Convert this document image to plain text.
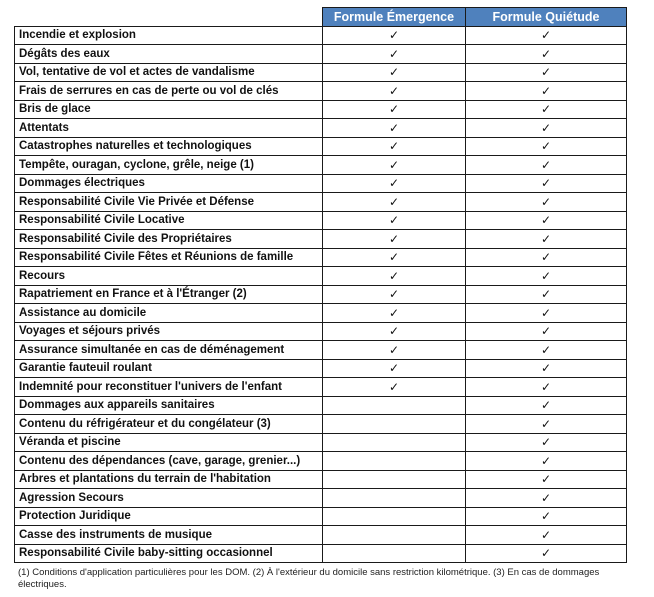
	Formule Émergence	Formule Quiétude
Incendie et explosion	✓	✓
Dégâts des eaux	✓	✓
Vol, tentative de vol et actes de vandalisme	✓	✓
Frais de serrures en cas de perte ou vol de clés	✓	✓
Bris de glace	✓	✓
Attentats	✓	✓
Catastrophes naturelles et technologiques	✓	✓
Tempête, ouragan, cyclone, grêle, neige (1)	✓	✓
Dommages électriques	✓	✓
Responsabilité Civile Vie Privée et Défense	✓	✓
Responsabilité Civile Locative	✓	✓
Responsabilité Civile des Propriétaires	✓	✓
Responsabilité Civile Fêtes et Réunions de famille	✓	✓
Recours	✓	✓
Rapatriement en France et à l'Étranger (2)	✓	✓
Assistance au domicile	✓	✓
Voyages et séjours privés	✓	✓
Assurance simultanée en cas de déménagement	✓	✓
Garantie fauteuil roulant	✓	✓
Indemnité pour reconstituer l'univers de l'enfant	✓	✓
Dommages aux appareils sanitaires		✓
Contenu du réfrigérateur et du congélateur (3)		✓
Véranda et piscine		✓
Contenu des dépendances (cave, garage, grenier...)		✓
Arbres et plantations du terrain de l'habitation		✓
Agression Secours		✓
Protection Juridique		✓
Casse des instruments de musique		✓
Responsabilité Civile baby-sitting occasionnel		✓
(1) Conditions d'application particulières pour les DOM. (2) À l'extérieur du domicile sans restriction kilométrique. (3) En cas de dommages électriques.
